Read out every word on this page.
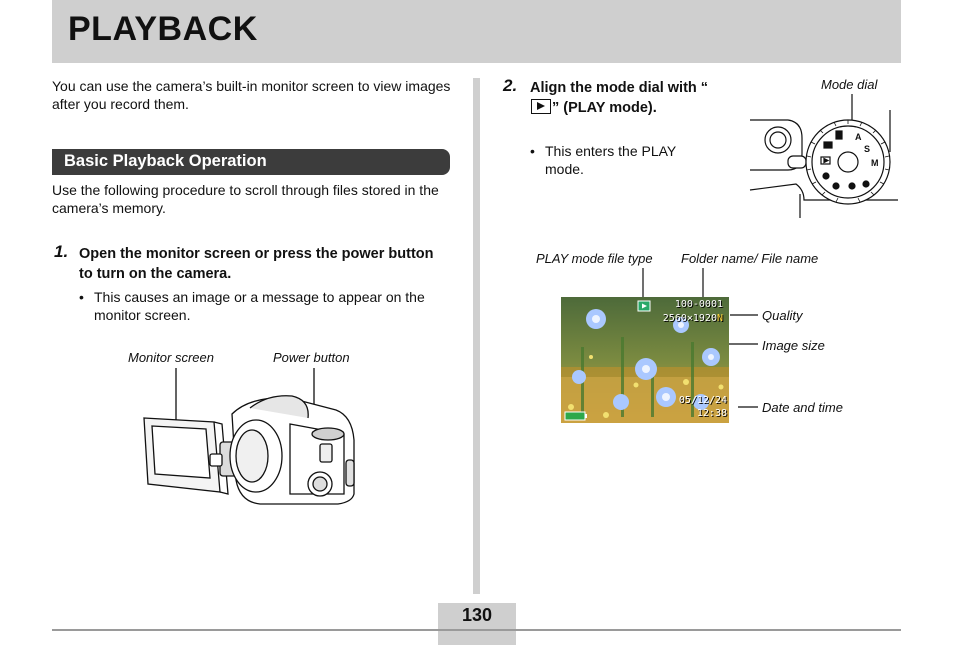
PLAYBACK
You can use the camera’s built-in monitor screen to view images after you record them.
Basic Playback Operation
Use the following procedure to scroll through files stored in the camera’s memory.
1. Open the monitor screen or press the power button to turn on the camera.
• This causes an image or a message to appear on the monitor screen.
Monitor screen	Power button
2. Align the mode dial with “” (PLAY mode).
• This enters the PLAY mode.
Mode dial
A
S
M
PLAY mode file type Folder name/ File name
Quality
Image size
Date and time
100-0001
2560×1920N
05/12/24
12:38
130
